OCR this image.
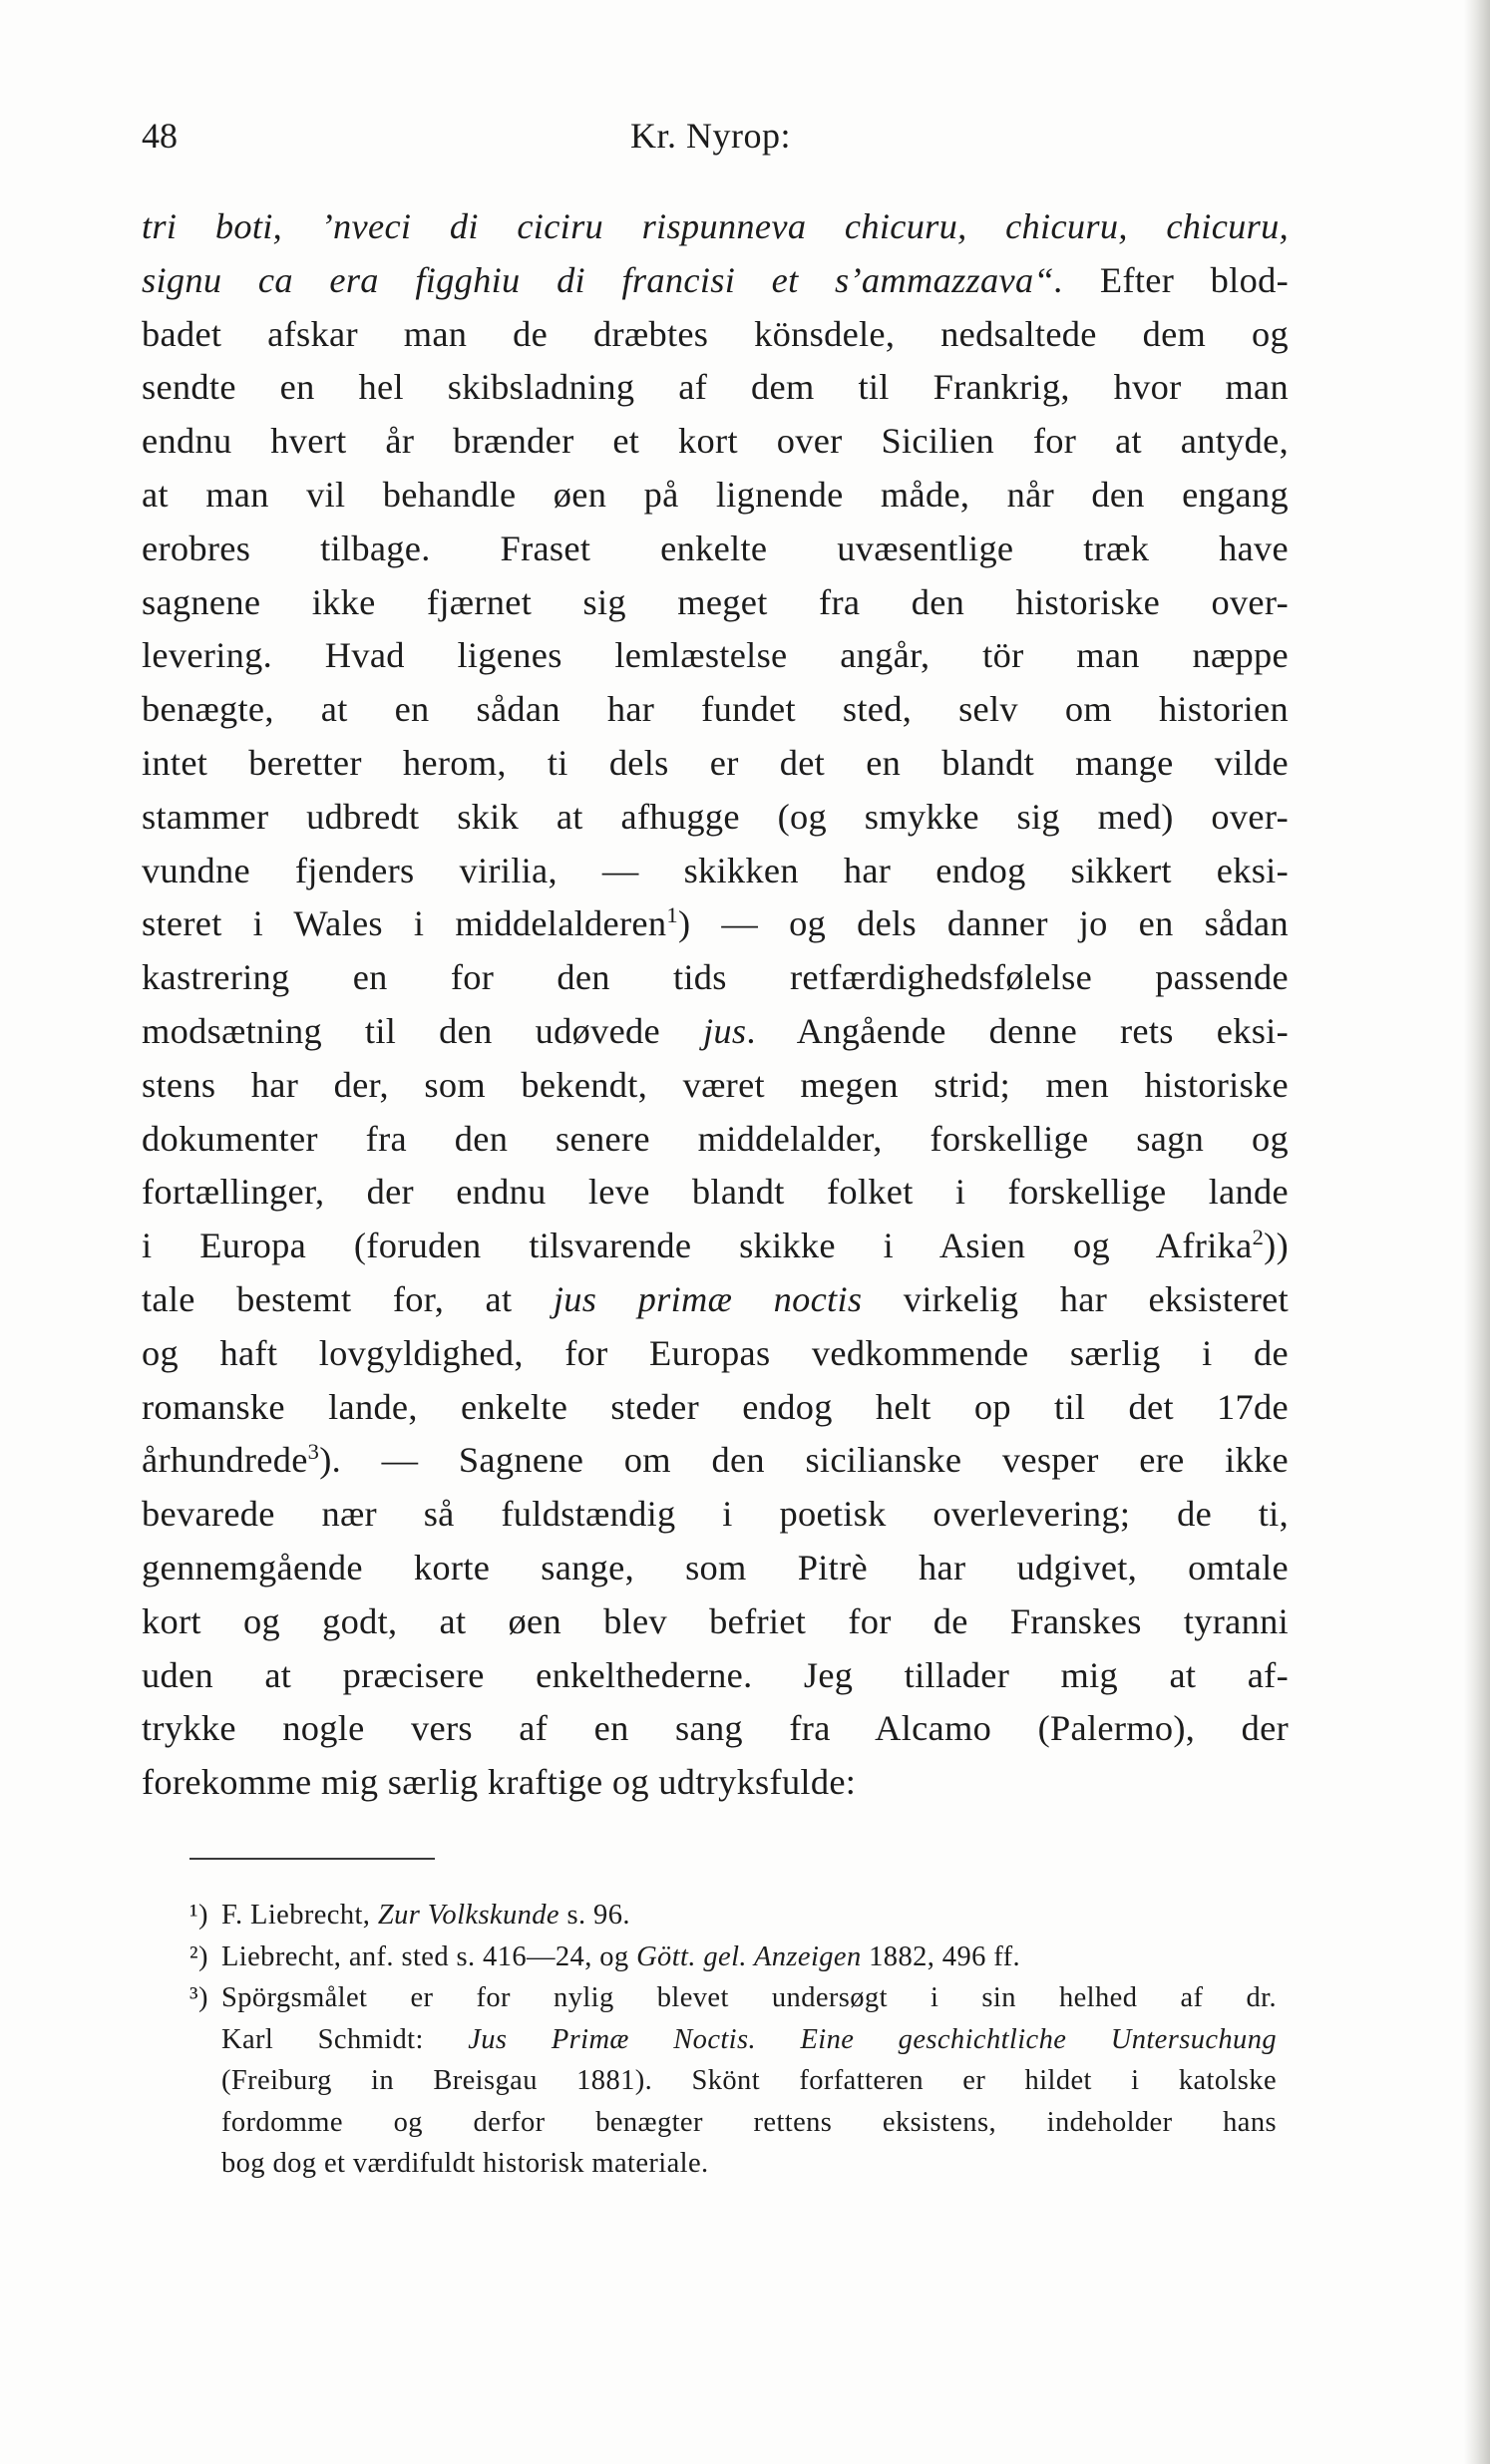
48	Kr. Nyrop:
tri boti, ’nveci di ciciru rispunneva chicuru, chicuru, chicuru,
signu ca era figghiu di francisi et s’ammazzava“. Efter blod-
badet afskar man de dræbtes könsdele, nedsaltede dem og
sendte en hel skibsladning af dem til Frankrig, hvor man
endnu hvert år brænder et kort over Sicilien for at antyde,
at man vil behandle øen på lignende måde, når den engang
erobres tilbage. Fraset enkelte uvæsentlige træk have
sagnene ikke fjærnet sig meget fra den historiske over-
levering. Hvad ligenes lemlæstelse angår, tör man næppe
benægte, at en sådan har fundet sted, selv om historien
intet beretter herom, ti dels er det en blandt mange vilde
stammer udbredt skik at afhugge (og smykke sig med) over-
vundne fjenders virilia, — skikken har endog sikkert eksi-
steret i Wales i middelalderen$^1$) — og dels danner jo en sådan
kastrering en for den tids retfærdighedsfølelse passende
modsætning til den udøvede jus. Angående denne rets eksi-
stens har der, som bekendt, været megen strid; men historiske
dokumenter fra den senere middelalder, forskellige sagn og
fortællinger, der endnu leve blandt folket i forskellige lande
i Europa (foruden tilsvarende skikke i Asien og Afrika$^2$))
tale bestemt for, at jus primæ noctis virkelig har eksisteret
og haft lovgyldighed, for Europas vedkommende særlig i de
romanske lande, enkelte steder endog helt op til det 17de
århundrede$^3$). — Sagnene om den sicilianske vesper ere ikke
bevarede nær så fuldstændig i poetisk overlevering; de ti,
gennemgående korte sange, som Pitrè har udgivet, omtale
kort og godt, at øen blev befriet for de Franskes tyranni
uden at præcisere enkelthederne. Jeg tillader mig at af-
trykke nogle vers af en sang fra Alcamo (Palermo), der
forekomme mig særlig kraftige og udtryksfulde:
¹) F. Liebrecht, Zur Volkskunde s. 96.
²) Liebrecht, anf. sted s. 416—24, og Gött. gel. Anzeigen 1882, 496 ff.
³) Spörgsmålet er for nylig blevet undersøgt i sin helhed af dr.
Karl Schmidt: Jus Primæ Noctis. Eine geschichtliche Untersuchung
(Freiburg in Breisgau 1881). Skönt forfatteren er hildet i katolske
fordomme og derfor benægter rettens eksistens, indeholder hans
bog dog et værdifuldt historisk materiale.
